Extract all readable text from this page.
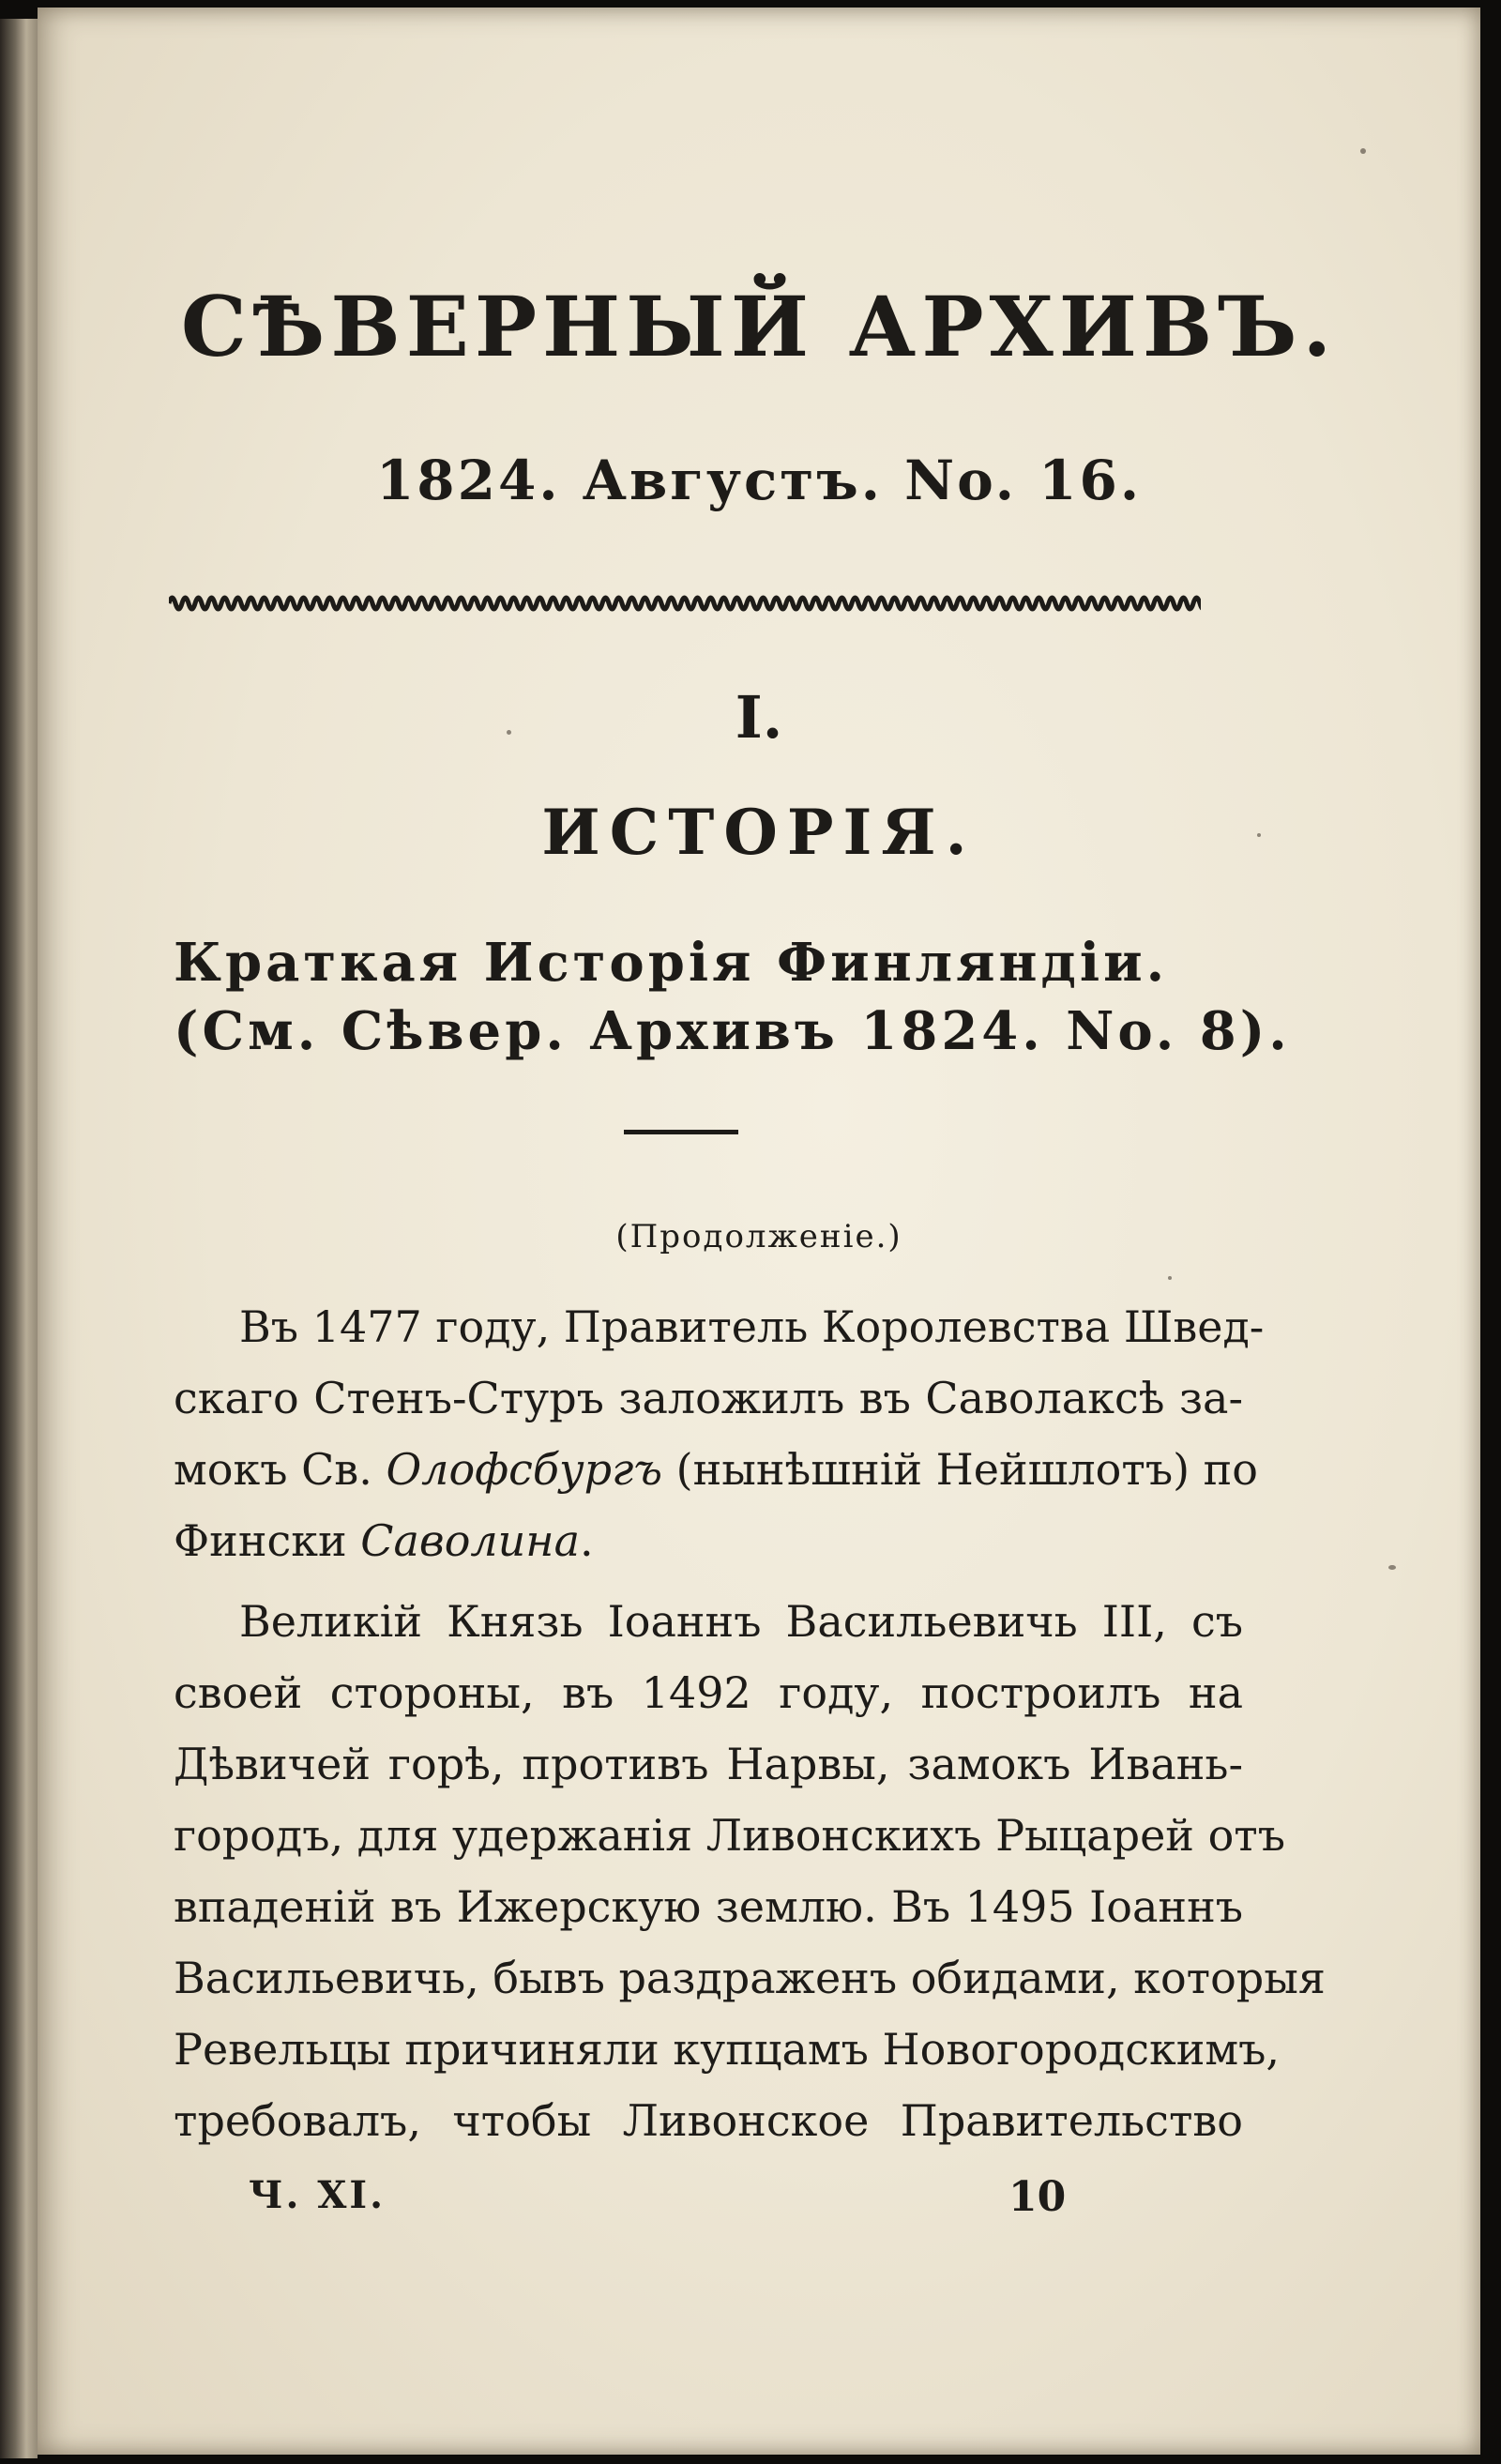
СѢВЕРНЫЙ АРХИВЪ.
1824. Августъ. No. 16.
I.
ИСТОРІЯ.
Краткая Исторія Финляндіи.
(См. Сѣвер. Архивъ 1824. No. 8).
(Продолженіе.)
Въ 1477 году, Правитель Королевства Швед-
скаго Стенъ-Стуръ заложилъ въ Саволаксѣ за-
мокъ Св. Олофсбургъ (нынѣшній Нейшлотъ) по
Фински Саволина.
Великій Князь Іоаннъ Васильевичь III, съ
своей стороны, въ 1492 году, построилъ на
Дѣвичей горѣ, противъ Нарвы, замокъ Ивань-
городъ, для удержанія Ливонскихъ Рыцарей отъ
впаденій въ Ижерскую землю. Въ 1495 Іоаннъ
Васильевичь, бывъ раздраженъ обидами, которыя
Ревельцы причиняли купцамъ Новогородскимъ,
требовалъ, чтобы Ливонское Правительство
Ч. XI.	10
